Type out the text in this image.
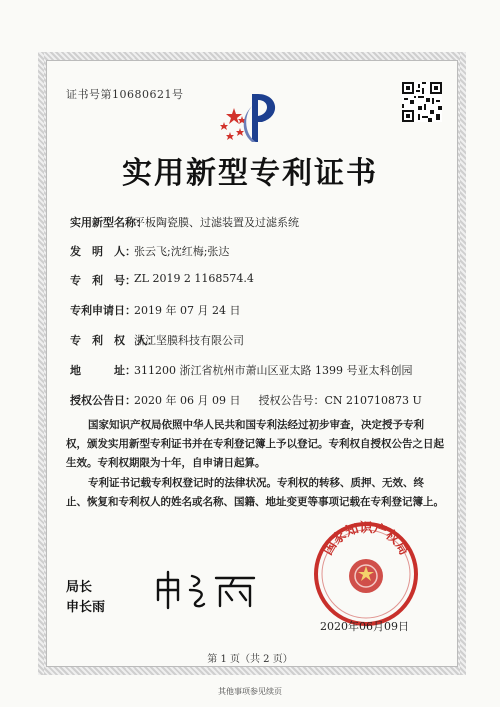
证书号第10680621号
实用新型专利证书
实用新型名称：
平板陶瓷膜、过滤装置及过滤系统
发　明　人：
张云飞;沈红梅;张达
专　利　号：
ZL 2019 2 1168574.4
专利申请日：
2019 年 07 月 24 日
专　利　权　人：
浙江坚膜科技有限公司
地　　　址：
311200 浙江省杭州市萧山区亚太路 1399 号亚太科创园
授权公告日：
2020 年 06 月 09 日 　 授权公告号：CN 210710873 U
国家知识产权局依照中华人民共和国专利法经过初步审查，决定授予专利权，颁发实用新型专利证书并在专利登记簿上予以登记。专利权自授权公告之日起生效。专利权期限为十年，自申请日起算。
专利证书记载专利权登记时的法律状况。专利权的转移、质押、无效、终止、恢复和专利权人的姓名或名称、国籍、地址变更等事项记载在专利登记簿上。
局长
申长雨
国家知识产权局
2020年06月09日
第 1 页（共 2 页）
其他事项参见续页
